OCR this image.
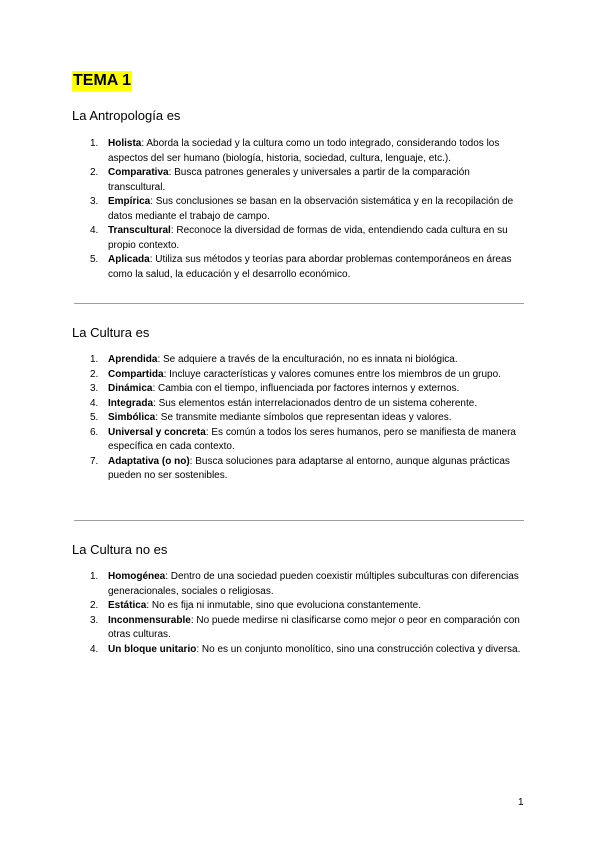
TEMA 1
La Antropología es
1. Holista: Aborda la sociedad y la cultura como un todo integrado, considerando todos los aspectos del ser humano (biología, historia, sociedad, cultura, lenguaje, etc.).
2. Comparativa: Busca patrones generales y universales a partir de la comparación transcultural.
3. Empírica: Sus conclusiones se basan en la observación sistemática y en la recopilación de datos mediante el trabajo de campo.
4. Transcultural: Reconoce la diversidad de formas de vida, entendiendo cada cultura en su propio contexto.
5. Aplicada: Utiliza sus métodos y teorías para abordar problemas contemporáneos en áreas como la salud, la educación y el desarrollo económico.
La Cultura es
1. Aprendida: Se adquiere a través de la enculturación, no es innata ni biológica.
2. Compartida: Incluye características y valores comunes entre los miembros de un grupo.
3. Dinámica: Cambia con el tiempo, influenciada por factores internos y externos.
4. Integrada: Sus elementos están interrelacionados dentro de un sistema coherente.
5. Simbólica: Se transmite mediante símbolos que representan ideas y valores.
6. Universal y concreta: Es común a todos los seres humanos, pero se manifiesta de manera específica en cada contexto.
7. Adaptativa (o no): Busca soluciones para adaptarse al entorno, aunque algunas prácticas pueden no ser sostenibles.
La Cultura no es
1. Homogénea: Dentro de una sociedad pueden coexistir múltiples subculturas con diferencias generacionales, sociales o religiosas.
2. Estática: No es fija ni inmutable, sino que evoluciona constantemente.
3. Inconmensurable: No puede medirse ni clasificarse como mejor o peor en comparación con otras culturas.
4. Un bloque unitario: No es un conjunto monolítico, sino una construcción colectiva y diversa.
1
